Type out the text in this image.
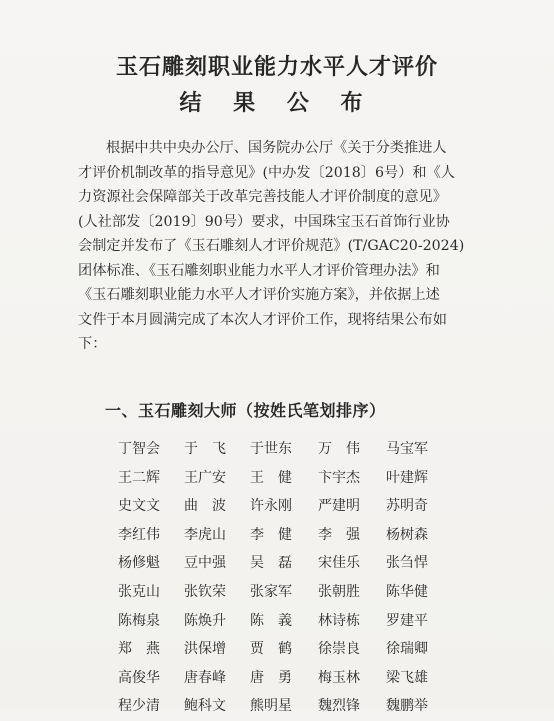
玉石雕刻职业能力水平人才评价
结 果 公 布
根据中共中央办公厅、国务院办公厅《关于分类推进人
才评价机制改革的指导意见》(中办发〔2018〕6号）和《人
力资源社会保障部关于改革完善技能人才评价制度的意见》
(人社部发〔2019〕90号）要求，中国珠宝玉石首饰行业协
会制定并发布了《玉石雕刻人才评价规范》(T/GAC20-2024)
团体标准、《玉石雕刻职业能力水平人才评价管理办法》和
《玉石雕刻职业能力水平人才评价实施方案》，并依据上述
文件于本月圆满完成了本次人才评价工作，现将结果公布如
下：
一、玉石雕刻大师（按姓氏笔划排序）
丁智会	于　飞	于世东	万　伟	马宝军
王二辉	王广安	王　健	卞宇杰	叶建辉
史文文	曲　波	许永刚	严建明	苏明奇
李红伟	李虎山	李　健	李　强	杨树森
杨修魁	豆中强	吴　磊	宋佳乐	张刍悍
张克山	张钦荣	张家军	张朝胜	陈华健
陈梅泉	陈焕升	陈　義	林诗栋	罗建平
郑　燕	洪保增	贾　鹤	徐崇良	徐瑞卿
高俊华	唐春峰	唐　勇	梅玉林	梁飞雄
程少清	鲍科文	熊明星	魏烈锋	魏鹏举
